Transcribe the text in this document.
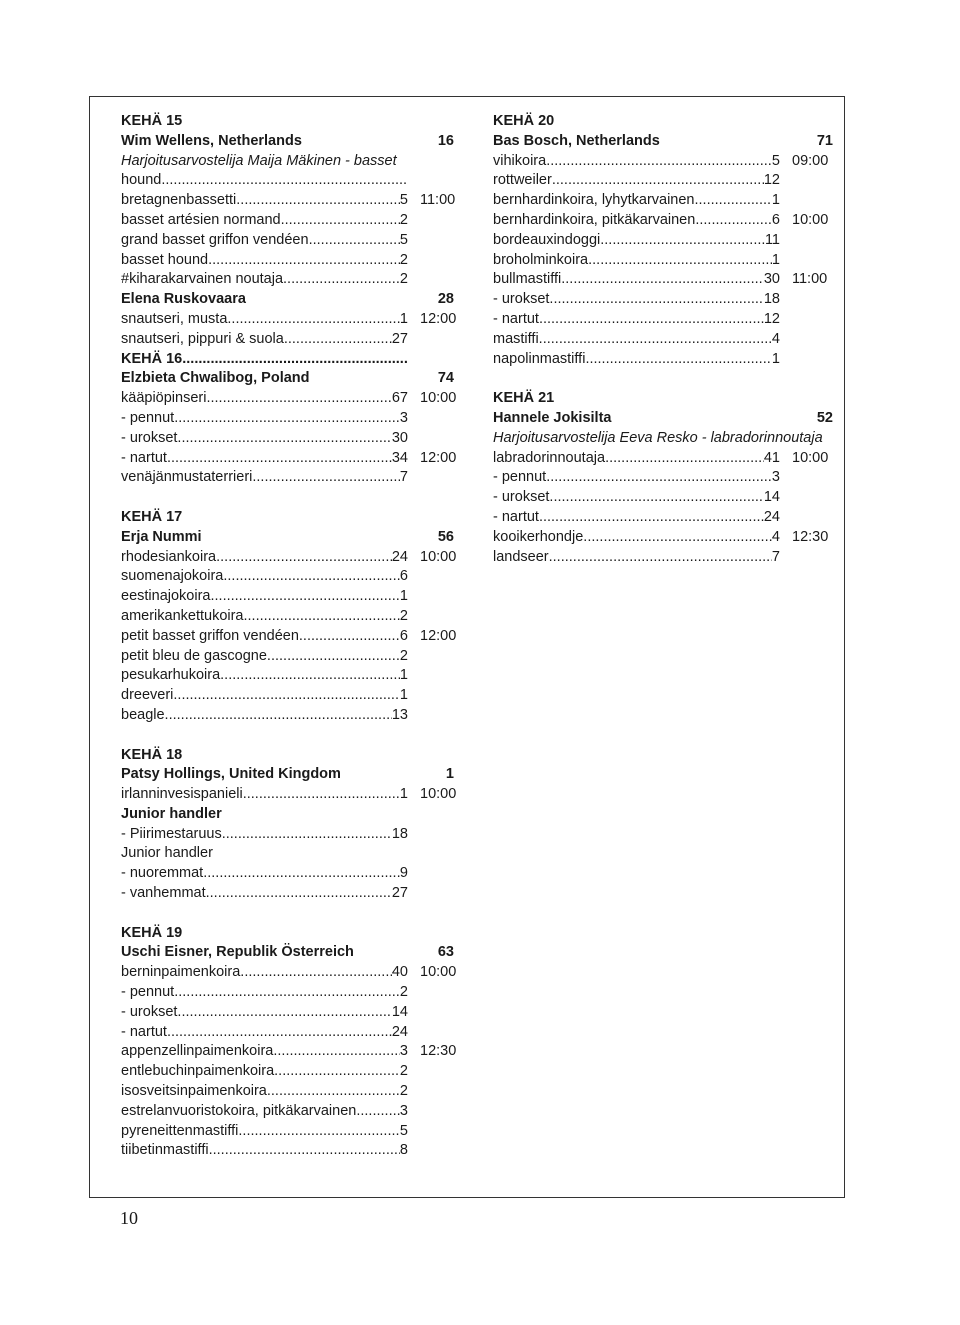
KEHÄ 15
Wim Wellens, Netherlands	16
Harjoitusarvostelija Maija Mäkinen - basset
hound
.....
bretagnenbassetti .....	5 11:00
basset artésien normand .....	2
grand basset griffon vendéen .....	5
basset hound .....	2
#kiharakarvainen noutaja .....	2
Elena Ruskovaara	28
snautseri, musta .....	1 12:00
snautseri, pippuri & suola .....	27
KEHÄ 16
.....
Elzbieta Chwalibog, Poland	74
kääpiöpinseri .....	67 10:00
- pennut .....	3
- urokset .....	30
- nartut .....	34 12:00
venäjänmustaterrieri .....	7
KEHÄ 17
Erja Nummi	56
rhodesiankoira .....	24 10:00
suomenajokoira .....	6
eestinajokoira .....	1
amerikankettukoira .....	2
petit basset griffon vendéen .....	6 12:00
petit bleu de gascogne .....	2
pesukarhukoira .....	1
dreeveri .....	1
beagle .....	13
KEHÄ 18
Patsy Hollings, United Kingdom	1
irlanninvesispanieli .....	1 10:00
Junior handler
- Piirimestaruus .....	18
Junior handler
- nuoremmat .....	9
- vanhemmat .....	27
KEHÄ 19
Uschi Eisner, Republik Österreich	63
berninpaimenkoira .....	40 10:00
- pennut .....	2
- urokset .....	14
- nartut .....	24
appenzellinpaimenkoira .....	3 12:30
entlebuchinpaimenkoira .....	2
isosveitsinpaimenkoira .....	2
estrelanvuoristokoira, pitkäkarvainen .....	3
pyreneittenmastiffi .....	5
tiibetinmastiffi .....	8
KEHÄ 20
Bas Bosch, Netherlands	71
vihikoira .....	5 09:00
rottweiler .....	12
bernhardinkoira, lyhytkarvainen .....	1
bernhardinkoira, pitkäkarvainen .....	6 10:00
bordeauxindoggi .....	11
broholminkoira .....	1
bullmastiffi .....	30 11:00
- urokset .....	18
- nartut .....	12
mastiffi .....	4
napolinmastiffi .....	1
KEHÄ 21
Hannele Jokisilta	52
Harjoitusarvostelija Eeva Resko - labradorinnoutaja
labradorinnoutaja .....	41 10:00
- pennut .....	3
- urokset .....	14
- nartut .....	24
kooikerhondje .....	4 12:30
landseer .....	7
10
